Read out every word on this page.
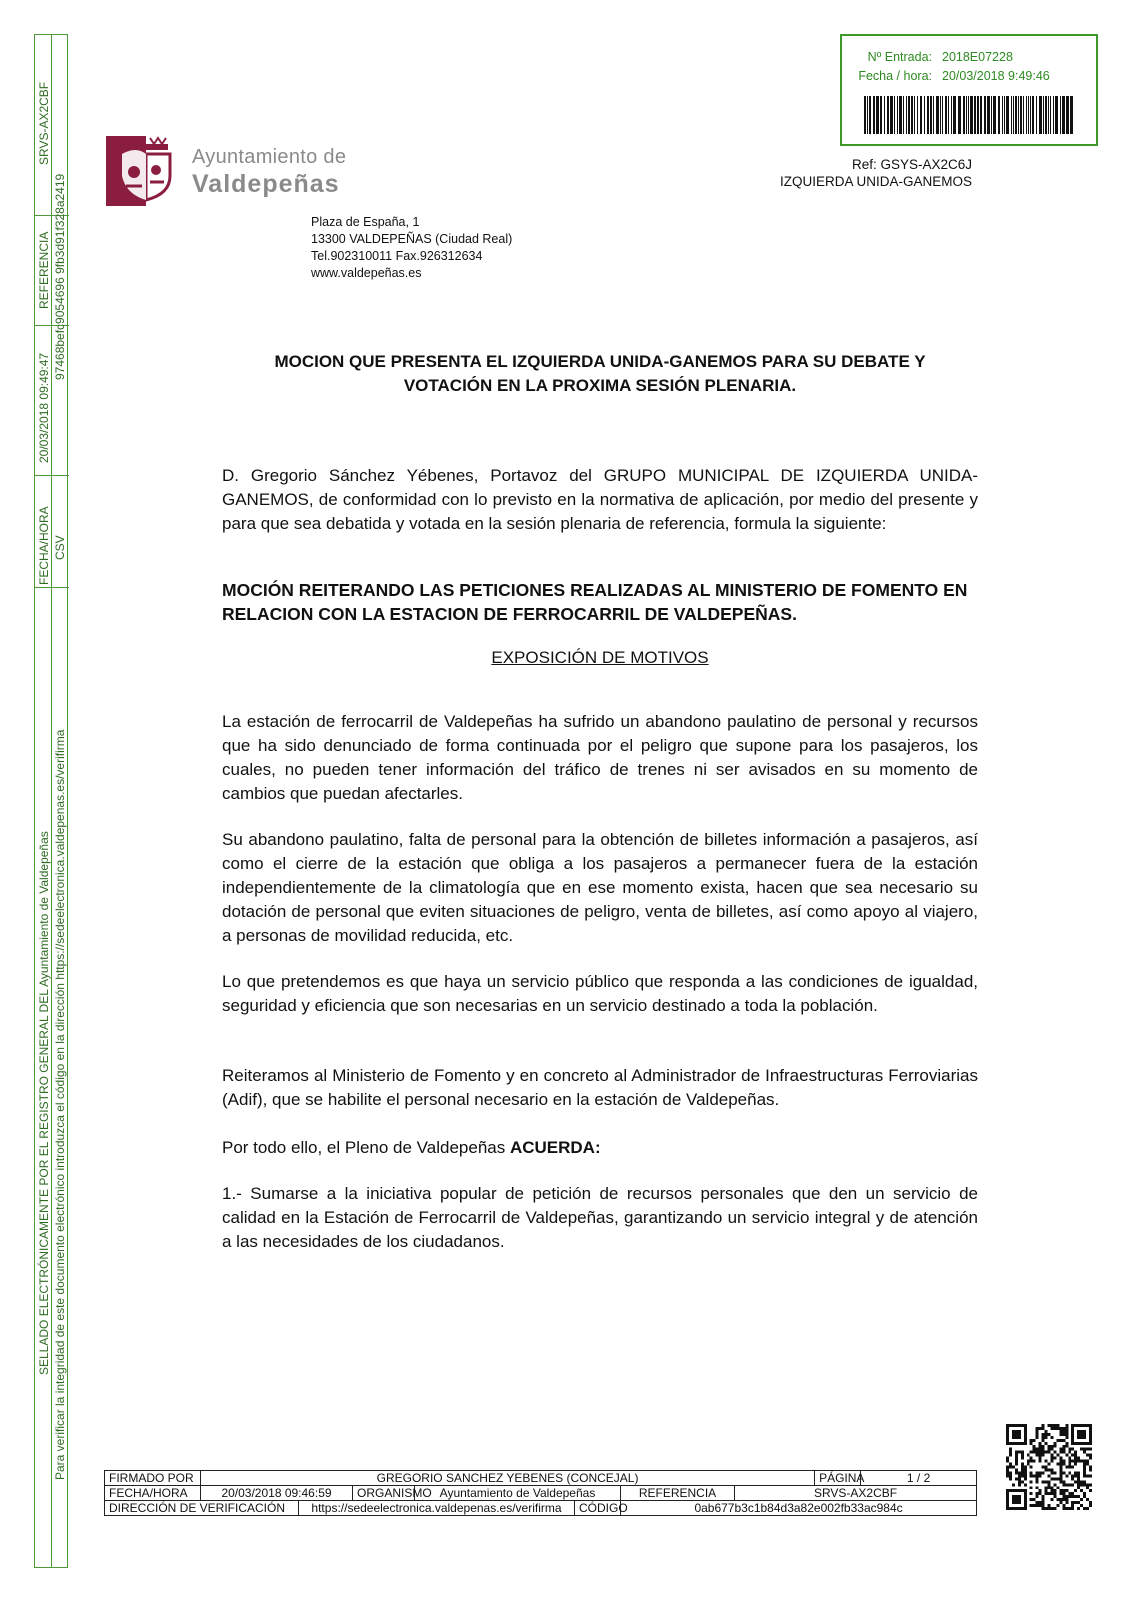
SRVS-AX2CBF
REFERENCIA
20/03/2018 09:49:47
FECHA/HORA
SELLADO ELECTRÓNICAMENTE POR EL REGISTRO GENERAL DEL Ayuntamiento de Valdepeñas
97468befc9054696 9fb3d91f328a2419
CSV
Para verificar la integridad de este documento electrónico introduzca el código en la dirección https://sedeelectronica.valdepenas.es/verifirma
Nº Entrada: 2018E07228
Fecha / hora: 20/03/2018 9:49:46
Ref: GSYS-AX2C6J
IZQUIERDA UNIDA-GANEMOS
Ayuntamiento de
Valdepeñas
Plaza de España, 1
13300 VALDEPEÑAS (Ciudad Real)
Tel.902310011 Fax.926312634
www.valdepeñas.es
MOCION QUE PRESENTA EL IZQUIERDA UNIDA-GANEMOS PARA SU DEBATE Y
VOTACIÓN EN LA PROXIMA SESIÓN PLENARIA.

D. Gregorio Sánchez Yébenes, Portavoz del GRUPO MUNICIPAL DE IZQUIERDA UNIDA-GANEMOS, de conformidad con lo previsto en la normativa de aplicación, por medio del presente y para que sea debatida y votada en la sesión plenaria de referencia, formula la siguiente:

MOCIÓN REITERANDO LAS PETICIONES REALIZADAS AL MINISTERIO DE FOMENTO EN RELACION CON LA ESTACION DE FERROCARRIL DE VALDEPEÑAS.

EXPOSICIÓN DE MOTIVOS

La estación de ferrocarril de Valdepeñas ha sufrido un abandono paulatino de personal y recursos que ha sido denunciado de forma continuada por el peligro que supone para los pasajeros, los cuales, no pueden tener información del tráfico de trenes ni ser avisados en su momento de cambios que puedan afectarles.

Su abandono paulatino, falta de personal para la obtención de billetes información a pasajeros, así como el cierre de la estación que obliga a los pasajeros a permanecer fuera de la estación independientemente de la climatología que en ese momento exista, hacen que sea necesario su dotación de personal que eviten situaciones de peligro, venta de billetes, así como apoyo al viajero, a personas de movilidad reducida, etc.

Lo que pretendemos es que haya un servicio público que responda a las condiciones de igualdad, seguridad y eficiencia que son necesarias en un servicio destinado a toda la población.

Reiteramos al Ministerio de Fomento y en concreto al Administrador de Infraestructuras Ferroviarias (Adif), que se habilite el personal necesario en la estación de Valdepeñas.

Por todo ello, el Pleno de Valdepeñas ACUERDA:

1.- Sumarse a la iniciativa popular de petición de recursos personales que den un servicio de calidad en la Estación de Ferrocarril de Valdepeñas, garantizando un servicio integral y de atención a las necesidades de los ciudadanos.

FIRMADO POR	GREGORIO SANCHEZ YEBENES (CONCEJAL)							PÁGINA	1 / 2
FECHA/HORA	20/03/2018 09:46:59		ORGANISMO	Ayuntamiento de Valdepeñas		REFERENCIA	SRVS-AX2CBF		
DIRECCIÓN DE VERIFICACIÓN		https://sedeelectronica.valdepenas.es/verifirma			CÓDIGO	0ab677b3c1b84d3a82e002fb33ac984c			
